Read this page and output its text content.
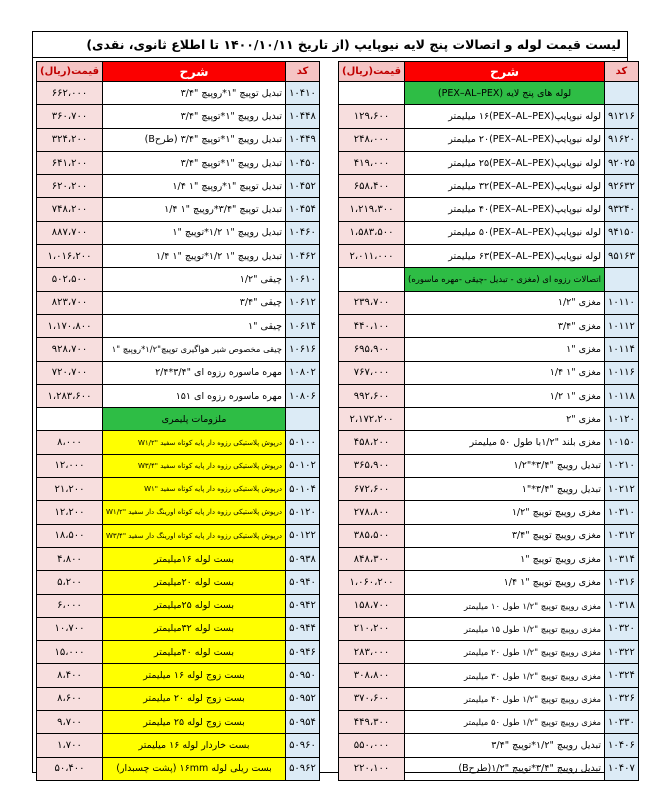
لیست قیمت لوله و اتصالات پنج لایه نیوپایپ (از تاریخ ۱۴۰۰/۱۰/۱۱ تا اطلاع ثانوی، نقدی)
کد	شرح	قیمت(ریال)
	لوله های پنج لایه (PEX–AL–PEX)	
۹۱۲۱۶	لوله نیوپایپ(PEX–AL–PEX)۱۶ میلیمتر	۱۲۹،۶۰۰
۹۱۶۲۰	لوله نیوپایپ(PEX–AL–PEX)۲۰ میلیمتر	۲۴۸،۰۰۰
۹۲۰۲۵	لوله نیوپایپ(PEX–AL–PEX)۲۵ میلیمتر	۴۱۹،۰۰۰
۹۲۶۳۲	لوله نیوپایپ(PEX–AL–PEX)۳۲ میلیمتر	۶۵۸،۴۰۰
۹۳۲۴۰	لوله نیوپایپ(PEX–AL–PEX)۴۰ میلیمتر	۱،۲۱۹،۳۰۰
۹۴۱۵۰	لوله نیوپایپ(PEX–AL–PEX)۵۰ میلیمتر	۱،۵۸۳،۵۰۰
۹۵۱۶۳	لوله نیوپایپ(PEX–AL–PEX)۶۳ میلیمتر	۲،۰۱۱،۰۰۰
	اتصالات رزوه ای (مغزی - تبدیل -چیقی -مهره ماسوره)	
۱۰۱۱۰	مغزی "۱/۲	۲۳۹،۷۰۰
۱۰۱۱۲	مغزی "۳/۴	۴۴۰،۱۰۰
۱۰۱۱۴	مغزی "۱	۶۹۵،۹۰۰
۱۰۱۱۶	مغزی "۱ ۱/۴	۷۶۷،۰۰۰
۱۰۱۱۸	مغزی "۱ ۱/۲	۹۹۲،۶۰۰
۱۰۱۲۰	مغزی "۲	۲،۱۷۲،۲۰۰
۱۰۱۵۰	مغزی بلند "۱/۲با طول ۵۰ میلیمتر	۴۵۸،۲۰۰
۱۰۲۱۰	تبدیل روپیچ "۳/۴*"۱/۲	۳۶۵،۹۰۰
۱۰۲۱۲	تبدیل روپیچ "۳/۴*"۱	۶۷۲،۶۰۰
۱۰۳۱۰	مغزی روپیچ توپیچ "۱/۲	۲۷۸،۸۰۰
۱۰۳۱۲	مغزی روپیچ توپیچ "۳/۴	۳۸۵،۵۰۰
۱۰۳۱۴	مغزی روپیچ توپیچ "۱	۸۴۸،۳۰۰
۱۰۳۱۶	مغزی روپیچ توپیچ "۱ ۱/۴	۱،۰۶۰،۲۰۰
۱۰۳۱۸	مغزی روپیچ توپیچ "۱/۲ طول ۱۰ میلیمتر	۱۵۸،۷۰۰
۱۰۳۲۰	مغزی روپیچ توپیچ "۱/۲ طول ۱۵ میلیمتر	۲۱۰،۲۰۰
۱۰۳۲۲	مغزی روپیچ توپیچ "۱/۲ طول ۲۰ میلیمتر	۲۸۳،۰۰۰
۱۰۳۲۴	مغزی روپیچ توپیچ "۱/۲ طول ۳۰ میلیمتر	۳۰۸،۸۰۰
۱۰۳۲۶	مغزی روپیچ توپیچ "۱/۲ طول ۴۰ میلیمتر	۳۷۰،۶۰۰
۱۰۳۳۰	مغزی روپیچ توپیچ "۱/۲ طول ۵۰ میلیمتر	۴۴۹،۳۰۰
۱۰۴۰۶	تبدیل روپیچ "۱/۲*توپیچ "۳/۴	۵۵۰،۰۰۰
۱۰۴۰۷	تبدیل روپیچ "۳/۴*توپیچ "۱/۲(طرحB)	۲۲۰،۱۰۰
کد	شرح	قیمت(ریال)
۱۰۴۱۰	تبدیل توپیچ "۱*روپیچ "۳/۴	۶۶۲،۰۰۰
۱۰۴۴۸	تبدیل روپیچ "۱*توپیچ "۳/۴	۳۶۰،۷۰۰
۱۰۴۴۹	تبدیل روپیچ "۱*توپیچ "۳/۴ (طرحB)	۳۲۴،۲۰۰
۱۰۴۵۰	تبدیل روپیچ "۱*توپیچ "۳/۴	۶۴۱،۲۰۰
۱۰۴۵۲	تبدیل توپیچ "۱*روپیچ "۱ ۱/۴	۶۲۰،۲۰۰
۱۰۴۵۴	تبدیل توپیچ "۳/۴*روپیچ "۱ ۱/۴	۷۴۸،۲۰۰
۱۰۴۶۰	تبدیل روپیچ "۱ ۱/۲*توپیچ "۱	۸۸۷،۷۰۰
۱۰۴۶۲	تبدیل روپیچ "۱ ۱/۲*توپیچ "۱ ۱/۴	۱،۰۱۶،۲۰۰
۱۰۶۱۰	چیقی "۱/۲	۵۰۲،۵۰۰
۱۰۶۱۲	چیقی "۳/۴	۸۲۳،۷۰۰
۱۰۶۱۴	چیقی "۱	۱،۱۷۰،۸۰۰
۱۰۶۱۶	چیقی مخصوص شیر هواگیری توپیچ"۱/۲*روپیچ "۱	۹۲۸،۷۰۰
۱۰۸۰۲	مهره ماسوره رزوه ای "۳/۴*۲/۴	۷۲۰،۷۰۰
۱۰۸۰۶	مهره ماسوره رزوه ای ۱۵۱	۱،۲۸۳،۶۰۰
	ملزومات پلیمری	
۵۰۱۰۰	درپوش پلاستیکی رزوه دار پایه کوتاه سفید "W۱/۲	۸،۰۰۰
۵۰۱۰۲	درپوش پلاستیکی رزوه دار پایه کوتاه سفید "W۳/۴	۱۲،۰۰۰
۵۰۱۰۴	درپوش پلاستیکی رزوه دار پایه کوتاه سفید "W۱	۲۱،۲۰۰
۵۰۱۲۰	درپوش پلاستیکی رزوه دار پایه کوتاه اورینگ دار سفید "W۱/۲	۱۲،۲۰۰
۵۰۱۲۲	درپوش پلاستیکی رزوه دار پایه کوتاه اورینگ دار سفید "W۳/۴	۱۸،۵۰۰
۵۰۹۳۸	بست لوله ۱۶میلیمتر	۴،۸۰۰
۵۰۹۴۰	بست لوله ۲۰میلیمتر	۵،۲۰۰
۵۰۹۴۲	بست لوله ۲۵میلیمتر	۶،۰۰۰
۵۰۹۴۴	بست لوله ۳۲میلیمتر	۱۰،۷۰۰
۵۰۹۴۶	بست لوله ۴۰میلیمتر	۱۵،۰۰۰
۵۰۹۵۰	بست زوج لوله ۱۶ میلیمتر	۸،۴۰۰
۵۰۹۵۲	بست زوج لوله ۲۰ میلیمتر	۸،۶۰۰
۵۰۹۵۴	بست زوج لوله ۲۵ میلیمتر	۹،۷۰۰
۵۰۹۶۰	بست خاردار لوله ۱۶ میلیمتر	۱،۷۰۰
۵۰۹۶۲	بست ریلی لوله ۱۶mm (پشت چسبدار)	۵۰،۴۰۰
